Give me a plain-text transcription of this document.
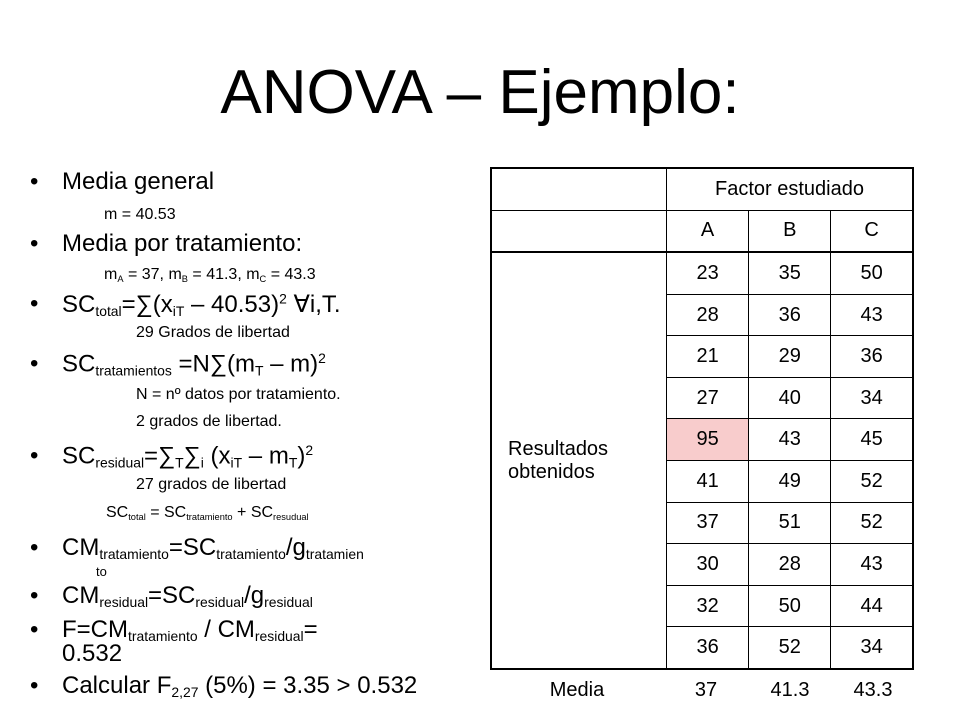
ANOVA – Ejemplo:
• Media general
m = 40.53
• Media por tratamiento:
$m_A = 37$, $m_B = 41.3$, $m_C = 43.3$
• $SC_{total}=\sum(x_{iT} - 40.53)^2$ ∀i,T.
29 Grados de libertad
• $SC_{tratamientos} =N\sum(m_T - m)^2$
N = nº datos por tratamiento.
2 grados de libertad.
• $SC_{residual}=\sum_T\sum_i$ $(x_{iT} - m_T)^2$
27 grados de libertad
$SC_{total} = SC_{tratamiento} + SC_{resudual}$
• $CM_{tratamiento}=SC_{tratamiento}/g_{tratamien}$
to
• $CM_{residual}=SC_{residual}/g_{residual}$
• $F=CM_{tratamiento} / CM_{residual}=$
0.532
• Calcular $F_{2,27}$ (5%) = 3.35 > 0.532
	Factor estudiado		
	A	B	C
Resultados obtenidos	23	35	50
	28	36	43
	21	29	36
	27	40	34
	95	43	45
	41	49	52
	37	51	52
	30	28	43
	32	50	44
	36	52	34
Media	37	41.3	43.3
